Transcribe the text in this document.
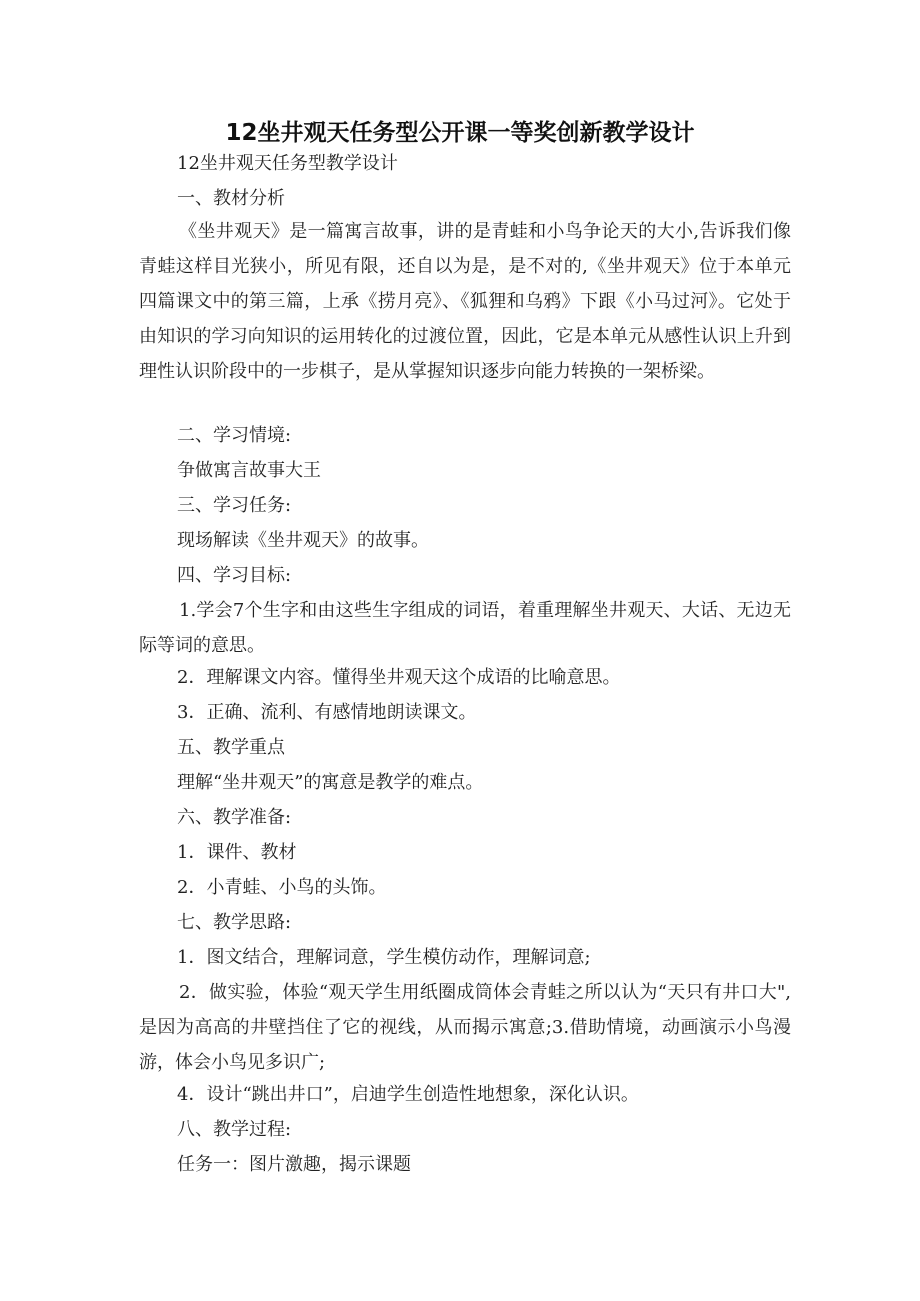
12坐井观天任务型公开课一等奖创新教学设计
12坐井观天任务型教学设计
一、教材分析
《坐井观天》是一篇寓言故事，讲的是青蛙和小鸟争论天的大小,告诉我们像青蛙这样目光狭小，所见有限，还自以为是，是不对的,《坐井观天》位于本单元四篇课文中的第三篇，上承《捞月亮》、《狐狸和乌鸦》下跟《小马过河》。它处于由知识的学习向知识的运用转化的过渡位置，因此，它是本单元从感性认识上升到理性认识阶段中的一步棋子，是从掌握知识逐步向能力转换的一架桥梁。
二、学习情境:
争做寓言故事大王
三、学习任务:
现场解读《坐井观天》的故事。
四、学习目标:
1.学会7个生字和由这些生字组成的词语，着重理解坐井观天、大话、无边无际等词的意思。
2．理解课文内容。懂得坐井观天这个成语的比喻意思。
3．正确、流利、有感情地朗读课文。
五、教学重点
理解“坐井观天”的寓意是教学的难点。
六、教学准备:
1．课件、教材
2．小青蛙、小鸟的头饰。
七、教学思路:
1．图文结合，理解词意，学生模仿动作，理解词意;
2．做实验，体验“观天学生用纸圈成筒体会青蛙之所以认为“天只有井口大",是因为高高的井壁挡住了它的视线，从而揭示寓意;3.借助情境，动画演示小鸟漫游，体会小鸟见多识广;
4．设计“跳出井口”，启迪学生创造性地想象，深化认识。
八、教学过程:
任务一：图片激趣，揭示课题
